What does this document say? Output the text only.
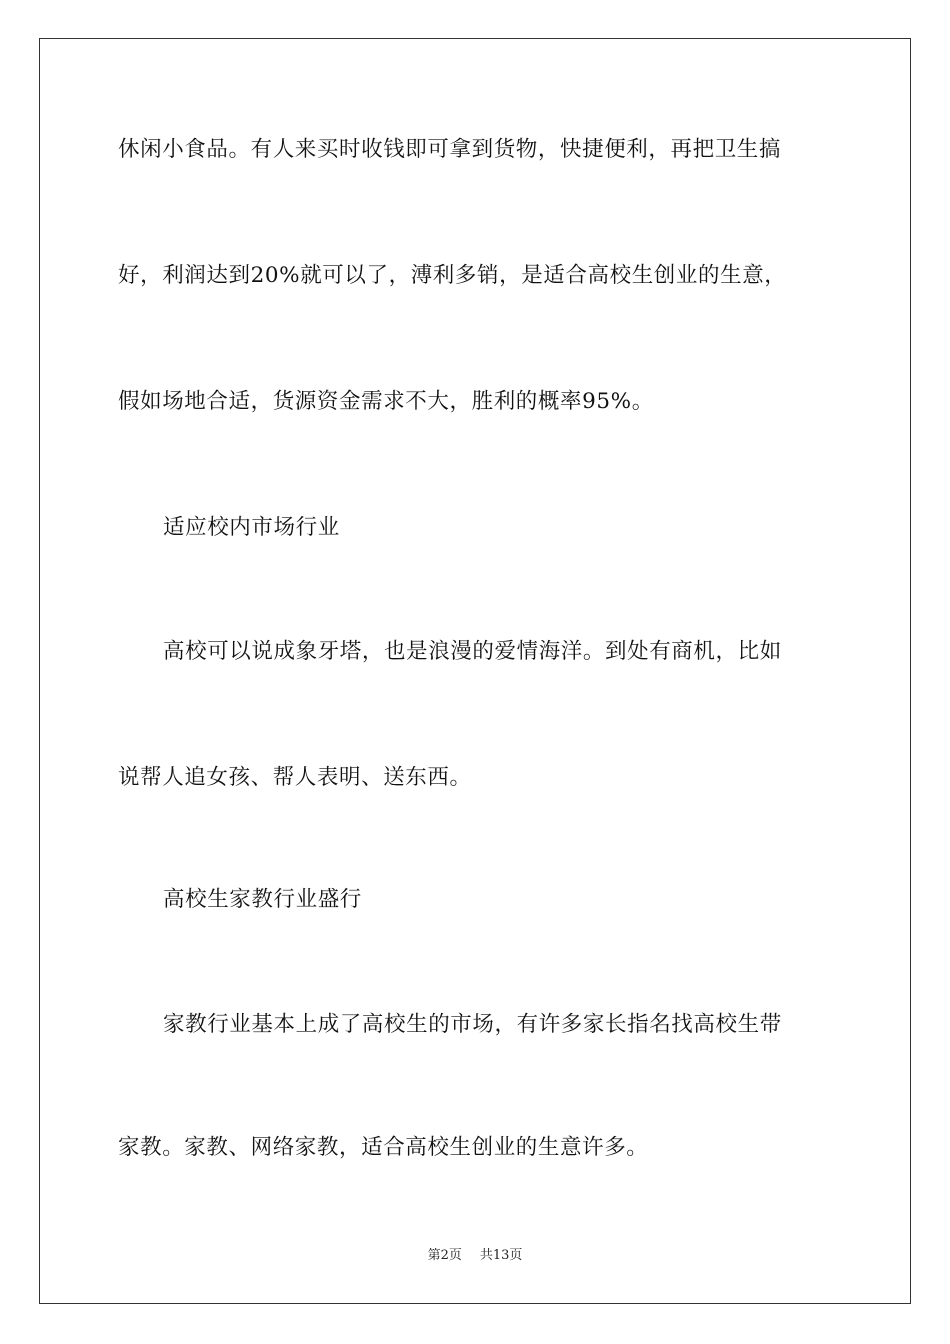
休闲小食品。有人来买时收钱即可拿到货物，快捷便利，再把卫生搞
好，利润达到20%就可以了，溥利多销，是适合高校生创业的生意，
假如场地合适，货源资金需求不大，胜利的概率95%。
适应校内市场行业
高校可以说成象牙塔，也是浪漫的爱情海洋。到处有商机，比如
说帮人追女孩、帮人表明、送东西。
高校生家教行业盛行
家教行业基本上成了高校生的市场，有许多家长指名找高校生带
家教。家教、网络家教，适合高校生创业的生意许多。
第2页 共13页
